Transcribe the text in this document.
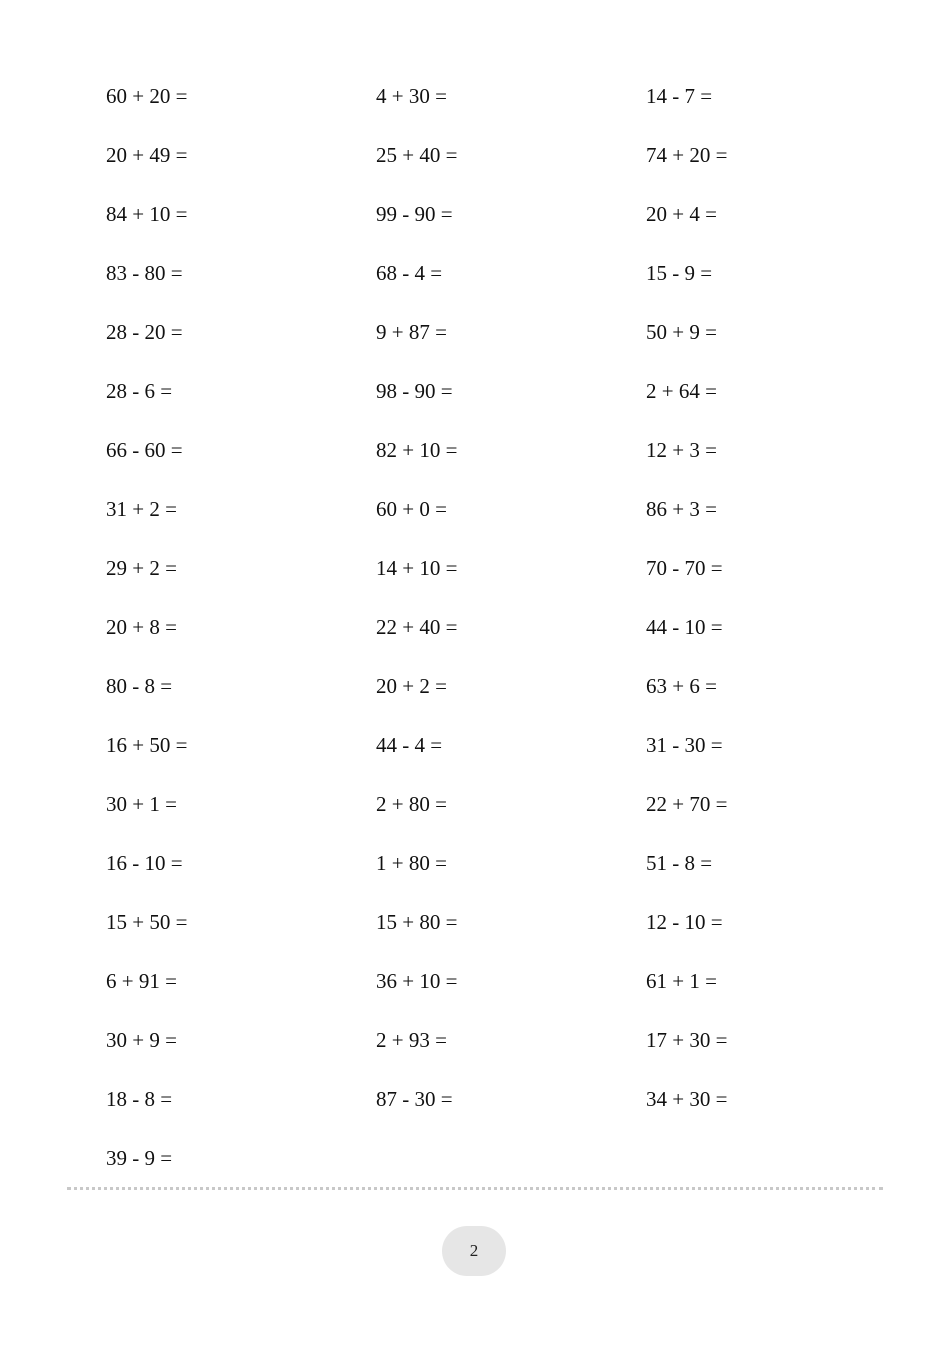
60 + 20 =	4 + 30 =	14 - 7 =
20 + 49 =	25 + 40 =	74 + 20 =
84 + 10 =	99 - 90 =	20 + 4 =
83 - 80 =	68 - 4 =	15 - 9 =
28 - 20 =	9 + 87 =	50 + 9 =
28 - 6 =	98 - 90 =	2 + 64 =
66 - 60 =	82 + 10 =	12 + 3 =
31 + 2 =	60 + 0 =	86 + 3 =
29 + 2 =	14 + 10 =	70 - 70 =
20 + 8 =	22 + 40 =	44 - 10 =
80 - 8 =	20 + 2 =	63 + 6 =
16 + 50 =	44 - 4 =	31 - 30 =
30 + 1 =	2 + 80 =	22 + 70 =
16 - 10 =	1 + 80 =	51 - 8 =
15 + 50 =	15 + 80 =	12 - 10 =
6 + 91 =	36 + 10 =	61 + 1 =
30 + 9 =	2 + 93 =	17 + 30 =
18 - 8 =	87 - 30 =	34 + 30 =
39 - 9 =
2
